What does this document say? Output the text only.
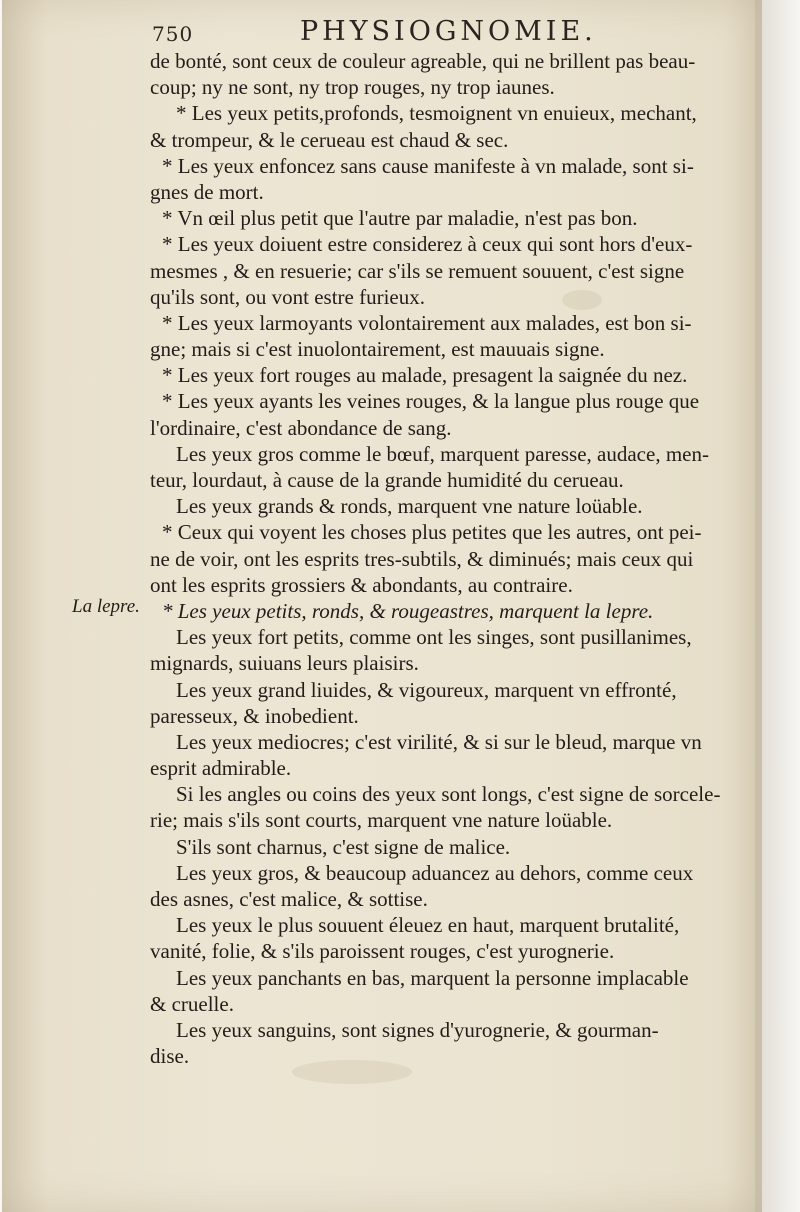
750	PHYSIOGNOMIE.
La lepre.
de bonté, sont ceux de couleur agreable, qui ne brillent pas beau-
coup; ny ne sont, ny trop rouges, ny trop iaunes.
* Les yeux petits,profonds, tesmoignent vn enuieux, mechant,
& trompeur, & le cerueau est chaud & sec.
* Les yeux enfoncez sans cause manifeste à vn malade, sont si-
gnes de mort.
* Vn œil plus petit que l'autre par maladie, n'est pas bon.
* Les yeux doiuent estre considerez à ceux qui sont hors d'eux-
mesmes , & en resuerie; car s'ils se remuent souuent, c'est signe
qu'ils sont, ou vont estre furieux.
* Les yeux larmoyants volontairement aux malades, est bon si-
gne; mais si c'est inuolontairement, est mauuais signe.
* Les yeux fort rouges au malade, presagent la saignée du nez.
* Les yeux ayants les veines rouges, & la langue plus rouge que
l'ordinaire, c'est abondance de sang.
Les yeux gros comme le bœuf, marquent paresse, audace, men-
teur, lourdaut, à cause de la grande humidité du cerueau.
Les yeux grands & ronds, marquent vne nature loüable.
* Ceux qui voyent les choses plus petites que les autres, ont pei-
ne de voir, ont les esprits tres-subtils, & diminués; mais ceux qui
ont les esprits grossiers & abondants, au contraire.
* Les yeux petits, ronds, & rougeastres, marquent la lepre.
Les yeux fort petits, comme ont les singes, sont pusillanimes,
mignards, suiuans leurs plaisirs.
Les yeux grand liuides, & vigoureux, marquent vn effronté,
paresseux, & inobedient.
Les yeux mediocres; c'est virilité, & si sur le bleud, marque vn
esprit admirable.
Si les angles ou coins des yeux sont longs, c'est signe de sorcele-
rie; mais s'ils sont courts, marquent vne nature loüable.
S'ils sont charnus, c'est signe de malice.
Les yeux gros, & beaucoup aduancez au dehors, comme ceux
des asnes, c'est malice, & sottise.
Les yeux le plus souuent éleuez en haut, marquent brutalité,
vanité, folie, & s'ils paroissent rouges, c'est yurognerie.
Les yeux panchants en bas, marquent la personne implacable
& cruelle.
Les yeux sanguins, sont signes d'yurognerie, & gourman-
dise.
